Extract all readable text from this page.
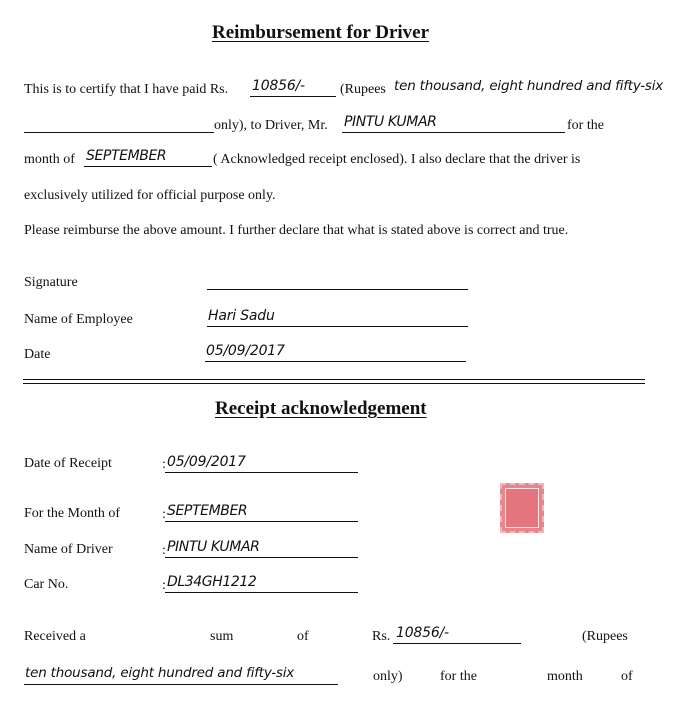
Reimbursement for Driver
This is to certify that I have paid Rs. 10856/-	(Rupees ten thousand, eight hundred and fifty-six
only), to Driver, Mr. PINTU KUMAR	for the
month of SEPTEMBER	( Acknowledged receipt enclosed). I also declare that the driver is
exclusively utilized for official purpose only.
Please reimburse the above amount. I further declare that what is stated above is correct and true.
Signature
Name of Employee	Hari Sadu
Date	05/09/2017
Receipt acknowledgement
Date of Receipt	: 05/09/2017
For the Month of	: SEPTEMBER
Name of Driver	: PINTU KUMAR
Car No.	: DL34GH1212
Received a	sum	of	Rs. 10856/-	(Rupees
ten thousand, eight hundred and fifty-six	only)	for the	month	of
